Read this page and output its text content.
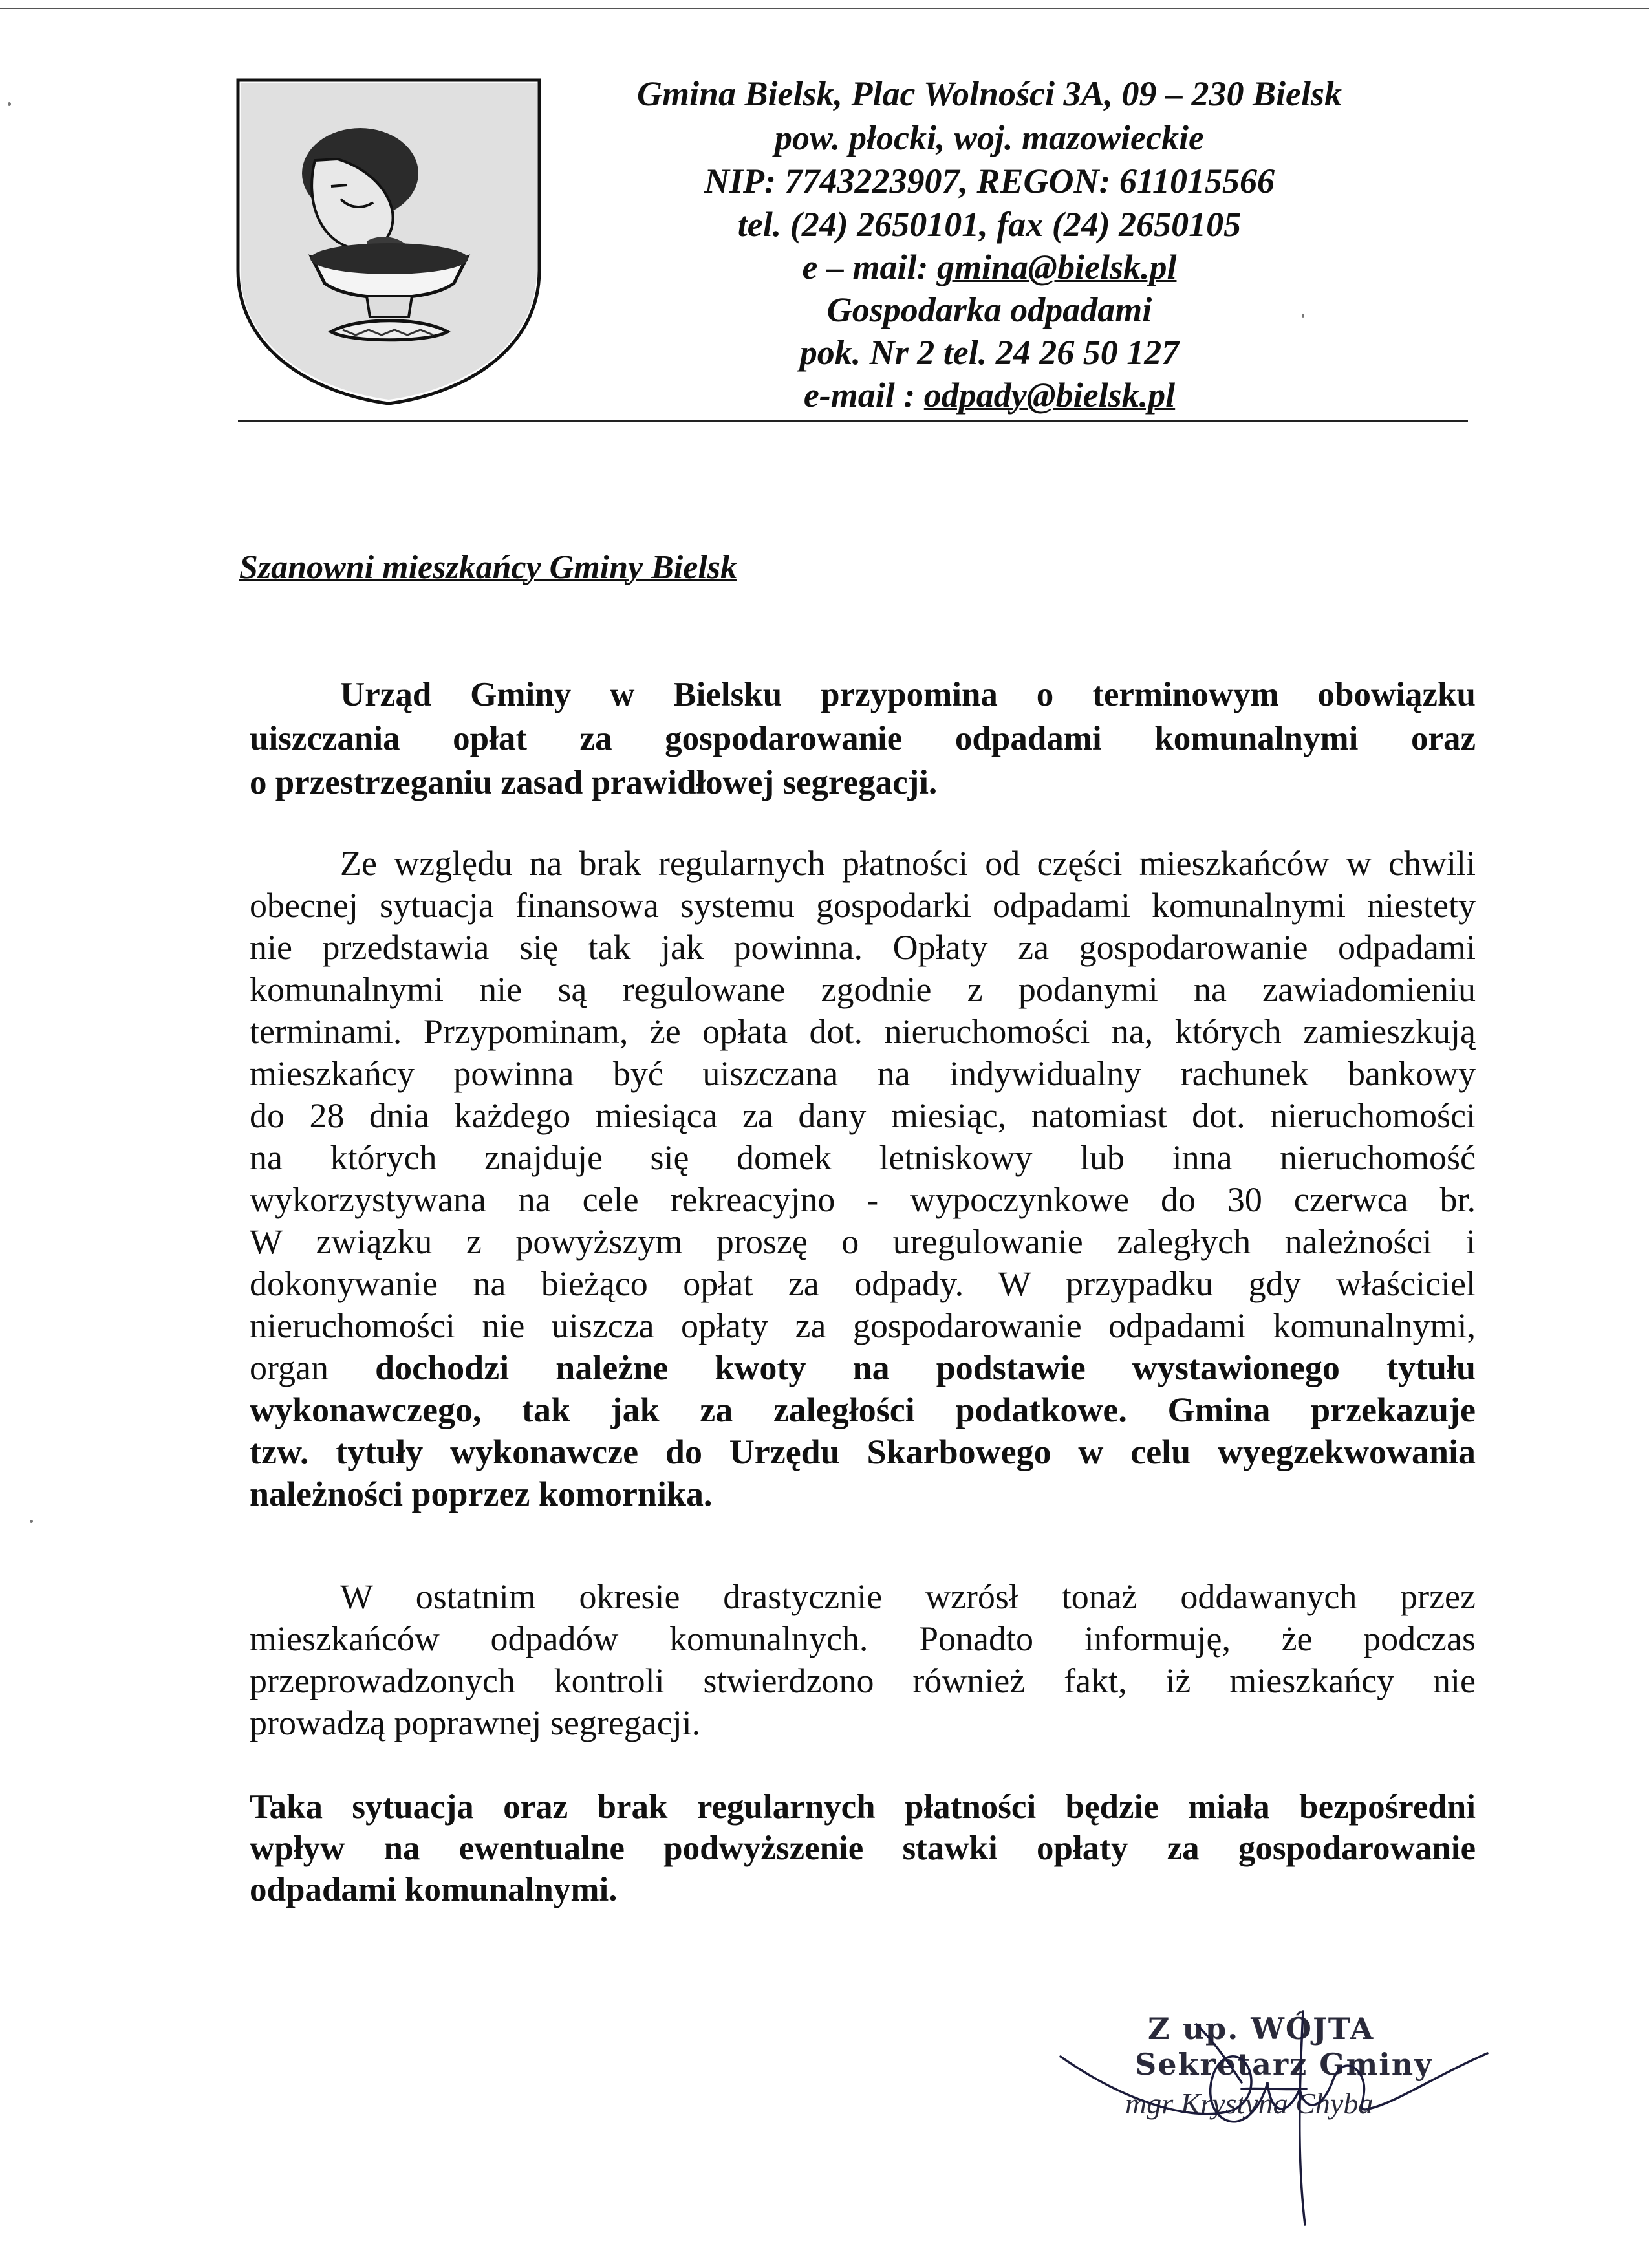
Gmina Bielsk, Plac Wolności 3A, 09 – 230 Bielsk
pow. płocki, woj. mazowieckie
NIP: 7743223907, REGON: 611015566
tel. (24) 2650101, fax (24) 2650105
e – mail: gmina@bielsk.pl
Gospodarka odpadami
pok. Nr 2 tel. 24 26 50 127
e-mail : odpady@bielsk.pl
Szanowni mieszkańcy Gminy Bielsk
Urząd Gminy w Bielsku przypomina o terminowym obowiązku
uiszczania opłat za gospodarowanie odpadami komunalnymi oraz
o przestrzeganiu zasad prawidłowej segregacji.
Ze względu na brak regularnych płatności od części mieszkańców w chwili
obecnej sytuacja finansowa systemu gospodarki odpadami komunalnymi niestety
nie przedstawia się tak jak powinna. Opłaty za gospodarowanie odpadami
komunalnymi nie są regulowane zgodnie z podanymi na zawiadomieniu
terminami. Przypominam, że opłata dot. nieruchomości na, których zamieszkują
mieszkańcy powinna być uiszczana na indywidualny rachunek bankowy
do 28 dnia każdego miesiąca za dany miesiąc, natomiast dot. nieruchomości
na których znajduje się domek letniskowy lub inna nieruchomość
wykorzystywana na cele rekreacyjno - wypoczynkowe do 30 czerwca br.
W związku z powyższym proszę o uregulowanie zaległych należności i
dokonywanie na bieżąco opłat za odpady. W przypadku gdy właściciel
nieruchomości nie uiszcza opłaty za gospodarowanie odpadami komunalnymi,
organ dochodzi należne kwoty na podstawie wystawionego tytułu
wykonawczego, tak jak za zaległości podatkowe. Gmina przekazuje
tzw. tytuły wykonawcze do Urzędu Skarbowego w celu wyegzekwowania
należności poprzez komornika.
W ostatnim okresie drastycznie wzrósł tonaż oddawanych przez
mieszkańców odpadów komunalnych. Ponadto informuję, że podczas
przeprowadzonych kontroli stwierdzono również fakt, iż mieszkańcy nie
prowadzą poprawnej segregacji.
Taka sytuacja oraz brak regularnych płatności będzie miała bezpośredni
wpływ na ewentualne podwyższenie stawki opłaty za gospodarowanie
odpadami komunalnymi.
Z up. WÓJTA
Sekretarz Gminy
mgr Krystyna Chyba
